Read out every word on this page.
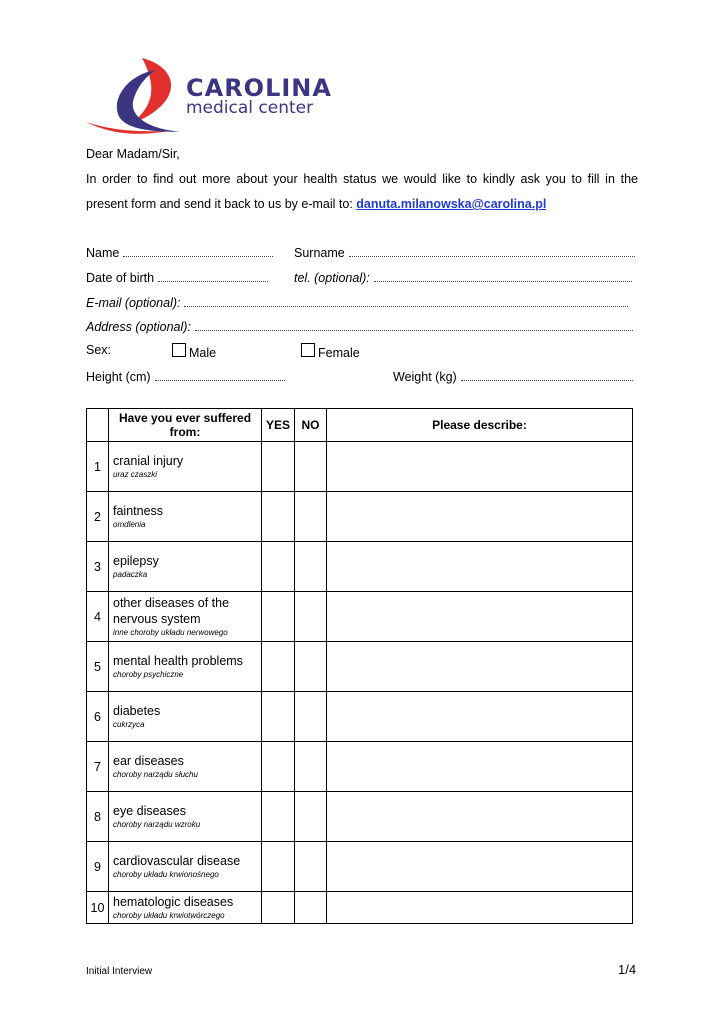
CAROLINA
medical center
Dear Madam/Sir,
In order to find out more about your health status we would like to kindly ask you to fill in the present form and send it back to us by e-mail to: danuta.milanowska@carolina.pl
Name	Surname
Date of birth	tel. (optional):
E-mail (optional):
Address (optional):
Sex:	Male	Female
Height (cm)	Weight (kg)
	Have you ever suffered from:	YES	NO	Please describe:
1	cranial injury
uraz czaszki			

2	faintness
omdlenia			

3	epilepsy
padaczka			

4	other diseases of the nervous system
inne choroby układu nerwowego			

5	mental health problems
choroby psychiczne			

6	diabetes
cukrzyca			

7	ear diseases
choroby narządu słuchu			

8	eye diseases
choroby narządu wzroku			

9	cardiovascular disease
choroby układu krwionośnego			

10	hematologic diseases
choroby układu krwiotwórczego			

Initial Interview	1/4
